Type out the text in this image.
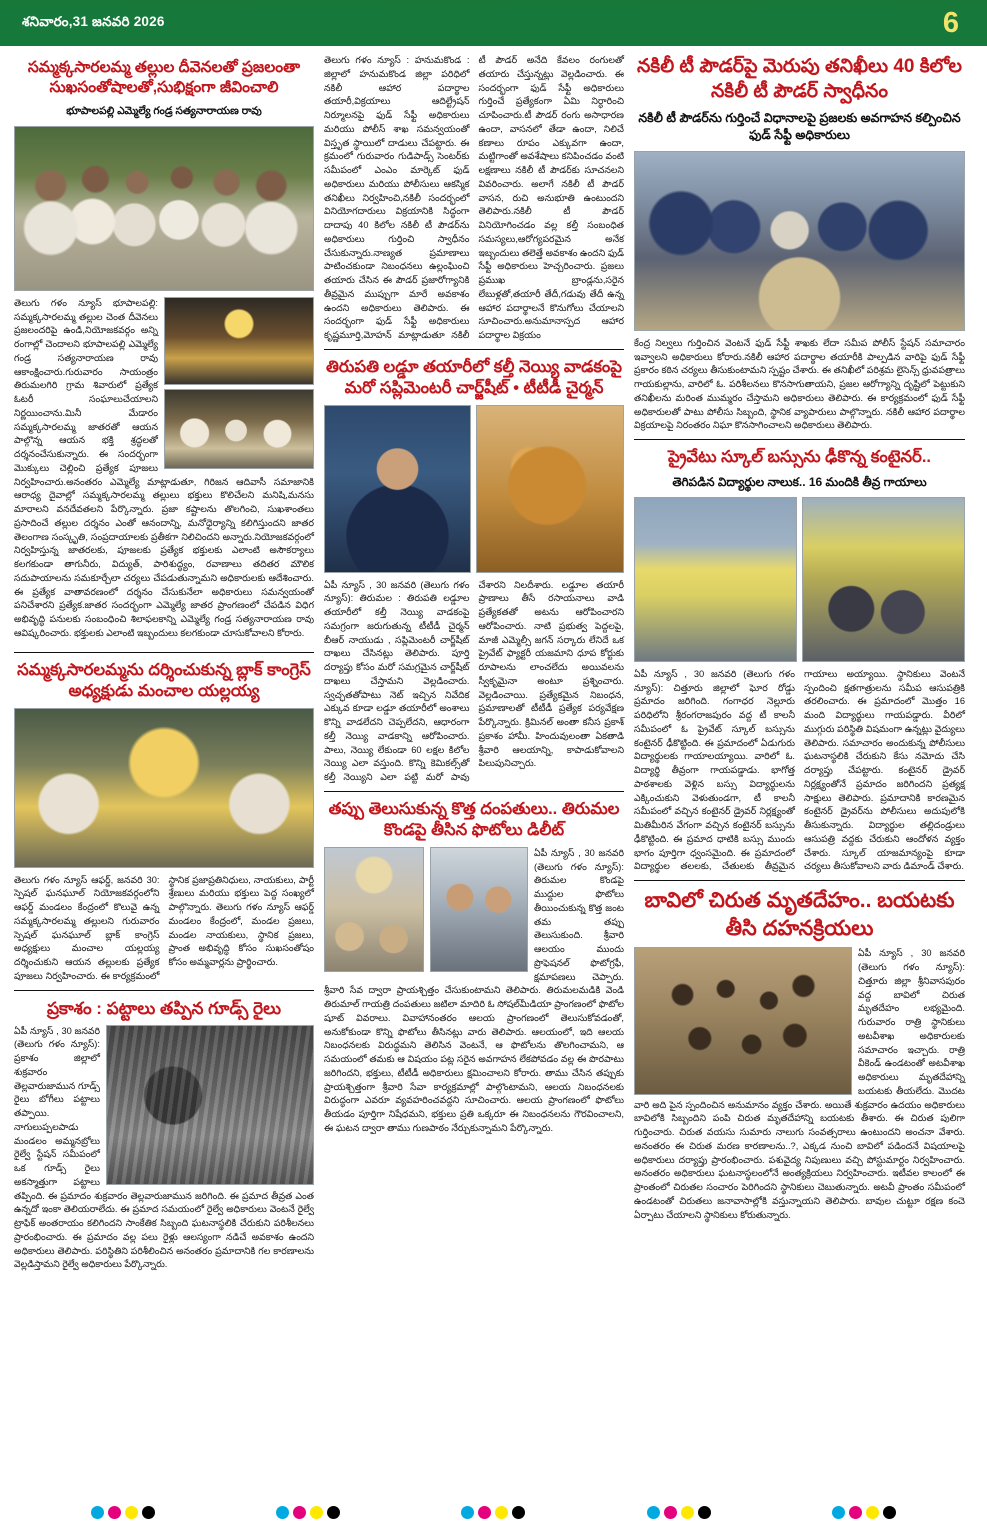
శనివారం,31 జనవరి 2026	6
సమ్మక్కసారలమ్మ తల్లుల దీవెనలతో ప్రజలంతా సుఖసంతోషాలతో,సుభిక్షంగా జీవించాలి
భూపాలపల్లి ఎమ్మెల్యే గండ్ర సత్యనారాయణ రావు

తెలుగు గళం న్యూస్ భూపాలపల్లి: సమ్మక్కసారలమ్మ తల్లుల చెంత దీవెనలు ప్రజలందరిపై ఉండి,నియోజకవర్గం అన్ని రంగాల్లో చెందాలని భూపాలపల్లి ఎమ్మెల్యే గండ్ర సత్యనారాయణ రావు ఆకాంక్షించారు.గురువారం సాయంత్రం తిరుమలగిరి గ్రామ శివారులో ప్రత్యేక ఓటరీ సంఘాలుచేయాలని నిర్ణయించాను.మినీ మేడారం సమ్మక్కసారలమ్మ జాతరతో ఆయన పాల్గొన్న ఆయన భక్తి శ్రద్ధలతో దర్శనంచేసుకున్నారు. ఈ సందర్భంగా మెుక్కులు చెల్లించి ప్రత్యేక పూజలు నిర్వహించారు.అనంతరం ఎమ్మెల్యే మాట్లాడుతూ, గిరిజన ఆదివాసీ సమాజానికి ఆరాధ్య దైవాల్లో సమ్మక్కసారలమ్మ తల్లులు భక్తులు కొలిచేలని మనిషి,మనసు మారాలని వనదేవతలని పేర్కొన్నారు. ప్రజా కష్టాలను తొలగించి, సుఖశాంతలు ప్రసాదించే తల్లుల దర్శనం ఎంతో ఆనందాన్ని, మనోధైర్యాన్ని కలిగిస్తుందని జాతర తెలంగాణ సంస్కృతి, సంప్రదాయాలకు ప్రతీకగా నిలిచిందని అన్నారు.నియోజకవర్గంలో నిర్వహిస్తున్న జాతరలకు, పూజలకు ప్రత్యేక భక్తులకు ఎలాంటి అసౌకర్యాలు కలగకుండా తాగునీరు, విద్యుత్, పారిశుద్ధ్యం, రవాణాలు తదితర మౌలిక సదుపాయాలను సమకూర్చేలా చర్యలు చేపడుతున్నామని అధికారులకు ఆదేశించారు. ఈ ప్రత్యేక వాతావరణంలో దర్శనం చేసుకునేలా అధికారులు సమన్వయంతో పనిచేశారని ప్రత్యేక.జాతర సందర్భంగా ఎమ్మెల్యే జాతర ప్రాంగణంలో చేపడిన విధిగ అభివృద్ధి పనులకు సంబంధించి శిలాఫలకాన్ని ఎమ్మెల్యే గండ్ర సత్యనారాయణ రావు ఆవిష్కరించారు. భక్తులకు ఎలాంటి ఇబ్బందులు కలగకుండా చూసుకోవాలని కోరారు.

సమ్మక్కసారలమ్మను దర్శించుకున్న బ్లాక్ కాంగ్రెస్ అధ్యక్షుడు మంచాల యల్లయ్య

తెలుగు గళం న్యూస్ ఆఫర్డ్, జనవరి 30: స్పెషల్ ఘనఘూల్ నియోజకవర్గంలోని ఆఫర్డ్ మండలం కేంద్రంలో కొలువై ఉన్న సమ్మక్కసారలమ్మ తల్లులని గురువారం స్పెషల్ ఘనఘూల్ బ్లాక్ కాంగ్రెస్ అధ్యక్షులు మంచాల యల్లయ్య దర్శించుకుని ఆయన తల్లులకు ప్రత్యేక పూజలు నిర్వహించారు. ఈ కార్యక్రమంలో స్థానిక ప్రజాప్రతినిధులు, నాయకులు, పార్టీ శ్రేణులు మరియు భక్తులు పెద్ద సంఖ్యలో పాల్గొన్నారు. తెలుగు గళం న్యూస్ ఆఫర్డ్ మండలం కేంద్రంలో, మండల ప్రజలు, మండల నాయకులు, స్థానిక ప్రజలు, ప్రాంత అభివృద్ధి కోసం సుఖసంతోషం కోసం అమ్మవార్లను ప్రార్థించారు.

ప్రకాశం : పట్టాలు తప్పిన గూడ్స్ రైలు

ఏపీ న్యూస్ , 30 జనవరి (తెలుగు గళం న్యూస్): ప్రకాశం జిల్లాలో శుక్రవారం తెల్లవారుజామున గూడ్స్ రైలు బోగీలు పట్టాలు తప్పాయి. నాగులుప్పలపాడు మండలం అమ్మనబ్రోలు రైల్వే స్టేషన్ సమీపంలో ఒక గూడ్స్ రైలు అకస్మాత్తుగా పట్టాలు తప్పింది. ఈ ప్రమాదం శుక్రవారం తెల్లవారుజామున జరిగింది. ఈ ప్రమాద తీవ్రత ఎంత ఉన్నదో ఇంకా తెలియరాలేదు. ఈ ప్రమాద సమయంలో రైల్వే అధికారులు వెంటనే రైల్వే ట్రాఫిక్ అంతరాయం కలిగిందని సాంకేతిక సిబ్బంది ఘటనాస్థలికి చేరుకుని పరిశీలనలు ప్రారంభించారు. ఈ ప్రమాదం వల్ల పలు రైళ్లు ఆలస్యంగా నడిచే అవకాశం ఉందని అధికారులు తెలిపారు. పరిస్థితిని పరిశీలించిన అనంతరం ప్రమాదానికి గల కారణాలను వెల్లడిస్తామని రైల్వే అధికారులు పేర్కొన్నారు.

తెలుగు గళం న్యూస్ : హనుమకొండ : జిల్లాలో హనుమకొండ జిల్లా పరిధిలో నకిలీ ఆహార పదార్థాల తయారీ,విక్రయాలు ఆదిల్ట్రేషన్ నిర్మూలనపై ఫుడ్ సేఫ్టీ అధికారులు మరియు పోలీస్ శాఖ సమన్వయంతో విస్తృత స్థాయిలో దాడులు చేపట్టారు. ఈ క్రమంలో గురువారం గుడిపాడ్స్ సెంటర్‌కు సమీపంలో ఎంఎం మార్కెట్ ఫుడ్ అధికారులు మరియు పోలీసులు ఆకస్మిక తనిఖీలు నిర్వహించి,నకిలీ సందర్భంలో వినియోగదారులు విక్రయానికి సిద్ధంగా దాదాపు 40 కిలోల నకిలీ టీ పౌడర్‌ను అధికారులు గుర్తించి స్వాధీనం చేసుకున్నారు.నాణ్యత ప్రమాణాలు పాటించకుండా నిబంధనలు ఉల్లంఘించి తయారు చేసిన ఈ పౌడర్ ప్రజారోగ్యానికి తీవ్రమైన ముప్పుగా మారే అవకాశం ఉందని అధికారులు తెలిపారు. ఈ సందర్భంగా ఫుడ్ సేఫ్టీ అధికారులు కృష్ణమూర్తి,మోహన్ మాట్లాడుతూ నకిలీ టీ పౌడర్ అనేది కేవలం రంగులతో తయారు చేస్తున్నట్లు వెల్లడించారు. ఈ సందర్భంగా ఫుడ్ సేఫ్టీ అధికారులు గుర్తించే ప్రత్యేకంగా ఏమి నిర్ధారించి చూపించారు.టీ పౌడర్ రంగు అసాధారణ ఉందా, వాసనలో తేడా ఉందా, నిలిచే కణాలు రూపం ఎక్కువగా ఉందా, మట్టిగాంతో అవశేషాలు కనిపించడం వంటి లక్షణాలు నకిలీ టీ పౌడర్‌కు సూచనలని వివరించారు. అలాగే నకిలీ టీ పౌడర్ వాసన, రుచి అనుభూతి ఉంటుందని తెలిపారు.నకిలీ టీ పౌడర్ వినియోగించడం వల్ల కల్తీ సంబంధిత సమస్యలు,ఆరోగ్యపరమైన అనేక ఇబ్బందులు తలెత్తే అవకాశం ఉందని ఫుడ్ సేఫ్టీ అధికారులు హెచ్చరించారు. ప్రజలు ప్రముఖ బ్రాండ్లను,సరైన లేబుళ్లతో,తయారీ తేదీ,గడువు తేదీ ఉన్న ఆహార పదార్థాలనే కొనుగోలు చేయాలని సూచించారు.అనుమానాస్పద ఆహార పదార్థాల విక్రయం

తిరుపతి లడ్డూ తయారీలో కల్తీ నెయ్యి వాడకంపై మరో సప్లిమెంటరీ చార్జ్‌షీట్ • టీటీడీ చైర్మన్

ఏపీ న్యూస్ , 30 జనవరి (తెలుగు గళం న్యూస్): తిరుమల : తిరుపతి లడ్డూల తయారీలో కల్తీ నెయ్యి వాడకంపై సమగ్రంగా జరుగుతున్న టీటీడీ చైర్మన్ బీఆర్ నాయుడు , సప్లిమెంటరీ చార్జ్‌షీట్ దాఖలు చేసినట్లు తెలిపారు. పూర్తి దర్యాప్తు కోసం మరో సమగ్రమైన చార్జ్‌షీట్ దాఖలు చేస్తామని వెల్లడించారు. స్వచ్ఛతతోపాటు నెట్ ఇచ్చిన నివేదిక ఎక్కువ కూడా లడ్డూ తయారీలో అంశాలు కొన్ని వాడలేదని చెప్పలేదని, ఆధారంగా కల్తీ నెయ్యి వాడకాన్ని ఆరోపించారు. పాలు, నెయ్యి లేకుండా 60 లక్షల కిలోల నెయ్యి ఎలా వస్తుంది. కొన్ని కెమికల్స్‌తో కల్తీ నెయ్యిని ఎలా పట్టి మరో పావు చేశారని నిలదీశారు. లడ్డూల తయారీ ప్రాణాలు తీసే రసాయనాలు వాడి ప్రత్యేకతతో అటను ఆరోపించారని ఆరోపించారు. నాటి ప్రభుత్వ పెద్దలపై, మాజీ ఎమ్మెల్సీ జగన్ సర్కారు లేనిదే ఒక ప్రైవేట్ ఫ్యాక్టరీ యజమాని ధూప కోర్టుకు రూపాలను లాంచలేదు అయివలను స్వీకృమైనా అంటూ ప్రశ్నించారు. వెల్లడించాయి. ప్రత్యేకమైన నిబంధన, ప్రమాణాలతో టీటీడీ ప్రత్యేక పర్యవేక్షణ పేర్కొన్నారు. క్రిమినల్ అంతా కనీస ప్రకాశ్ ప్రకాశం హామీ. హిందువులంతా ఏకతాడి శ్రీవారి ఆలయాన్ని, కాపాడుకోవాలని పిలుపునిచ్చారు.

తప్పు తెలుసుకున్న కొత్త దంపతులు.. తిరుమల కొండపై తీసిన ఫొటోలు డిలీట్

ఏపీ న్యూస్ , 30 జనవరి (తెలుగు గళం న్యూస్): తిరుమల కొండపై ముద్దుల ఫొటోలు తీయించుకున్న కొత్త జంట తమ తప్పు తెలుసుకుంది. శ్రీవారి ఆలయం ముందు ప్రొఫెషనల్ ఫొటోగ్రఫీ, క్షమాపణలు చెప్పారు. శ్రీవారి సేవ ద్వారా ప్రాయశ్చిత్తం చేసుకుంటామని తెలిపారు. తిరుమలమడికి వెండి తిరుమాల్ గాయత్రి దంపతులు జటిలా మాదిరి ఓ సోషల్‌మీడియా ప్రాంగణంలో ఫొటోల షూట్ వివరాలు. వివాహానంతరం ఆలయ ప్రాంగణంలో తెలుసుకోవడంతో, అనుకోకుండా కొన్ని ఫొటోలు తీసినట్లు వారు తెలిపారు. ఆలయంలో, ఇది ఆలయ నిబంధనలకు విరుద్ధమని తెలిసిన వెంటనే, ఆ ఫొటోలను తొలగించామని, ఆ సమయంలో తమకు ఆ విషయం పట్ల సరైన అవగాహన లేకపోవడం వల్ల ఈ పొరపాటు జరిగిందని, భక్తులు, టీటీడీ అధికారులు క్షమించాలని కోరారు. తాము చేసిన తప్పుకు ప్రాయశ్చిత్తంగా శ్రీవారి సేవా కార్యక్రమాల్లో పాల్గొంటామని, ఆలయ నిబంధనలకు విరుద్ధంగా ఎవరూ వ్యవహరించవద్దని సూచించారు. ఆలయ ప్రాంగణంలో ఫొటోలు తీయడం పూర్తిగా నిషేధమని, భక్తులు ప్రతి ఒక్కరూ ఈ నిబంధనలను గౌరవించాలని, ఈ ఘటన ద్వారా తాము గుణపాఠం నేర్చుకున్నామని పేర్కొన్నారు.

నకిలీ టీ పౌడర్‌పై మెరుపు తనిఖీలు 40 కిలోల నకిలీ టీ పౌడర్ స్వాధీనం
నకిలీ టీ పౌడర్‌ను గుర్తించే విధానాలపై ప్రజలకు అవగాహన కల్పించిన ఫుడ్ సేఫ్టీ అధికారులు

కేంద్ర నిల్వలు గుర్తించిన వెంటనే ఫుడ్ సేఫ్టీ శాఖకు లేదా సమీప పోలీస్ స్టేషన్ సమాచారం ఇవ్వాలని అధికారులు కోరారు.నకిలీ ఆహార పదార్థాల తయారీకి పాల్పడిన వారిపై ఫుడ్ సేఫ్టీ ప్రకారం కఠిన చర్యలు తీసుకుంటామని స్పష్టం చేశారు. ఈ తనిఖీలో పరిశ్రమ లైసెన్స్ ధ్రువపత్రాలు గాయకుల్లాను, వారిలో ఓ. పరిశీలనలు కొనసాగుతాయని, ప్రజల ఆరోగ్యాన్ని దృష్టిలో పెట్టుకుని తనిఖీలను మరింత ముమ్మరం చేస్తామని అధికారులు తెలిపారు. ఈ కార్యక్రమంలో ఫుడ్ సేఫ్టీ అధికారులతో పాటు పోలీసు సిబ్బంది, స్థానిక వ్యాపారులు పాల్గొన్నారు. నకిలీ ఆహార పదార్థాల విక్రయాలపై నిరంతరం నిఘా కొనసాగించాలని అధికారులు తెలిపారు.

ప్రైవేటు స్కూల్ బస్సును ఢీకొన్న కంటైనర్..
తెగిపడిన విద్యార్థుల నాలుక.. 16 మందికి తీవ్ర గాయాలు

ఏపీ న్యూస్ , 30 జనవరి (తెలుగు గళం న్యూస్): చిత్తూరు జిల్లాలో ఘోర రోడ్డు ప్రమాదం జరిగింది. గంగాధర నెల్లూరు పరిధిలోని శ్రీరంగరాజపురం వద్ద టీ కాలనీ సమీపంలో ఓ ప్రైవేట్ స్కూల్ బస్సును కంటైనర్ ఢీకొట్టింది. ఈ ప్రమాదంలో ఏడుగురు విద్యార్థులకు గాయాలయ్యాయి. వారిలో ఓ. విద్యార్థి తీవ్రంగా గాయపడ్డాడు. భాగోత్త పాఠశాలకు వెళ్లిన బస్సు విద్యార్థులను ఎక్కించుకుని వెళుతుండగా, టీ కాలనీ సమీపంలో వచ్చిన కంటైనర్ డ్రైవర్ నిర్లక్ష్యంతో మితిమీరిన వేగంగా వచ్చిన కంటైనర్ బస్సును ఢీకొట్టింది. ఈ ప్రమాద ధాటికి బస్సు ముందు భాగం పూర్తిగా ధ్వంసమైంది. ఈ ప్రమాదంలో విద్యార్థుల తలలకు, చేతులకు తీవ్రమైన గాయాలు అయ్యాయి. స్థానికులు వెంటనే స్పందించి క్షతగాత్రులను సమీప ఆసుపత్రికి తరలించారు. ఈ ప్రమాదంలో మొత్తం 16 మంది విద్యార్థులు గాయపడ్డారు. వీరిలో ముగ్గురు పరిస్థితి విషమంగా ఉన్నట్లు వైద్యులు తెలిపారు. సమాచారం అందుకున్న పోలీసులు ఘటనాస్థలికి చేరుకుని కేసు నమోదు చేసి దర్యాప్తు చేపట్టారు. కంటైనర్ డ్రైవర్ నిర్లక్ష్యంతోనే ప్రమాదం జరిగిందని ప్రత్యక్ష సాక్షులు తెలిపారు. ప్రమాదానికి కారణమైన కంటైనర్ డ్రైవర్‌ను పోలీసులు అదుపులోకి తీసుకున్నారు. విద్యార్థుల తల్లిదండ్రులు ఆసుపత్రి వద్దకు చేరుకుని ఆందోళన వ్యక్తం చేశారు. స్కూల్ యాజమాన్యంపై కూడా చర్యలు తీసుకోవాలని వారు డిమాండ్ చేశారు.

బావిలో చిరుత మృతదేహం.. బయటకు తీసి దహనక్రియలు

ఏపీ న్యూస్ , 30 జనవరి (తెలుగు గళం న్యూస్): చిత్తూరు జిల్లా శ్రీనివాసపురం వద్ద బావిలో చిరుత మృతదేహం లభ్యమైంది. గురువారం రాత్రి స్థానికులు అటవీశాఖ అధికారులకు సమాచారం ఇచ్చారు. రాత్రి వీకెండ్ ఉండటంతో అటవీశాఖ అధికారులు మృతదేహాన్ని బయటకు తీయలేదు. మెుదట వారి అది పైన స్పందించిన అనుమానం వ్యక్తం చేశారు. అయితే శుక్రవారం ఉదయం అధికారులు బావిలోకి సిబ్బందిని పంపి చిరుత మృతదేహాన్ని బయటకు తీశారు. ఈ చిరుత పులిగా గుర్తించారు. చిరుత వయసు సుమారు నాలుగు సంవత్సరాలు ఉంటుందని అంచనా వేశారు. అనంతరం ఈ చిరుత మరణ కారణాలను..?, ఎక్కడ నుంచి బావిలో పడిందనే విషయాలపై అధికారులు దర్యాప్తు ప్రారంభించారు. పశువైద్య నిపుణులు వచ్చి పోస్టుమార్టం నిర్వహించారు. అనంతరం అధికారులు ఘటనాస్థలంలోనే అంత్యక్రియలు నిర్వహించారు. ఇటీవల కాలంలో ఈ ప్రాంతంలో చిరుతల సంచారం పెరిగిందని స్థానికులు చెబుతున్నారు. అటవీ ప్రాంతం సమీపంలో ఉండటంతో చిరుతలు జనావాసాల్లోకి వస్తున్నాయని తెలిపారు. బావుల చుట్టూ రక్షణ కంచె ఏర్పాటు చేయాలని స్థానికులు కోరుతున్నారు.
